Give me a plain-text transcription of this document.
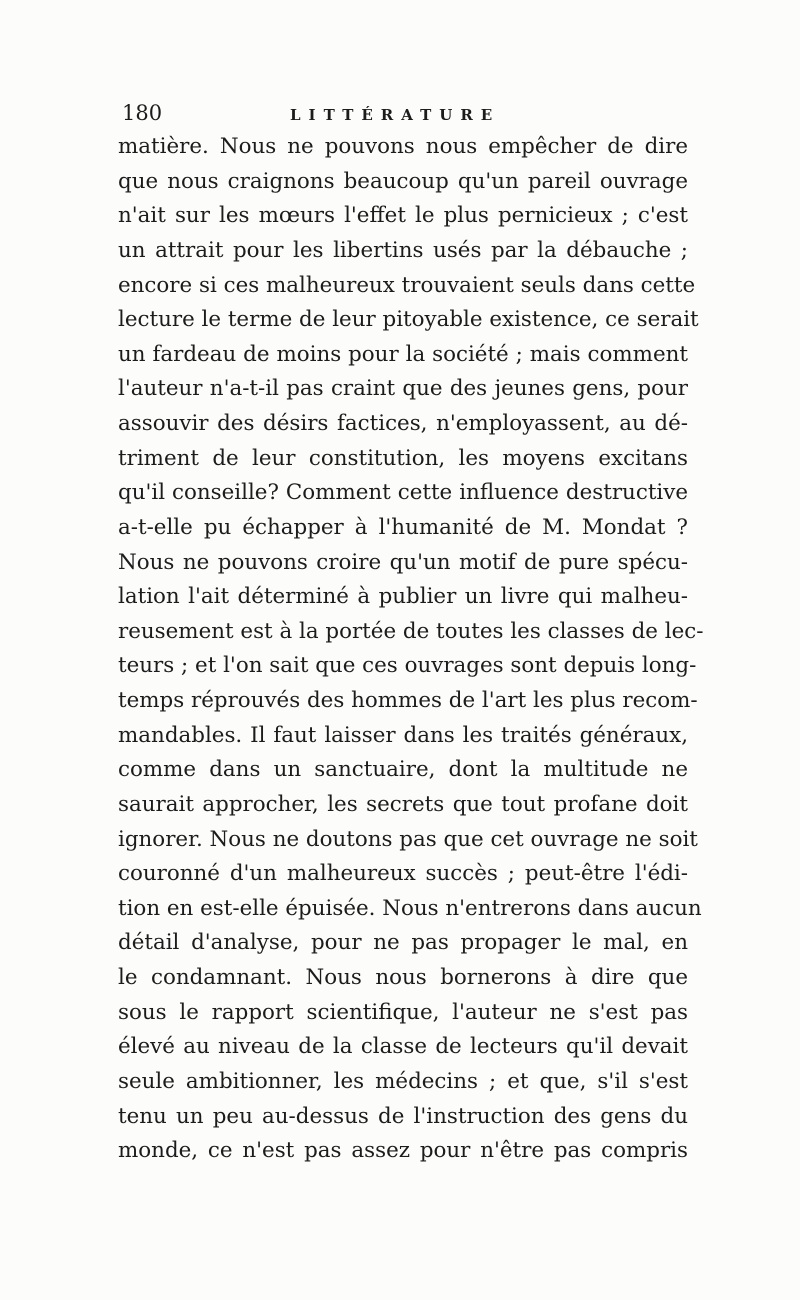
180	LITTÉRATURE
matière. Nous ne pouvons nous empêcher de dire
que nous craignons beaucoup qu'un pareil ouvrage
n'ait sur les mœurs l'effet le plus pernicieux ; c'est
un attrait pour les libertins usés par la débauche ;
encore si ces malheureux trouvaient seuls dans cette
lecture le terme de leur pitoyable existence, ce serait
un fardeau de moins pour la société ; mais comment
l'auteur n'a-t-il pas craint que des jeunes gens, pour
assouvir des désirs factices, n'employassent, au dé-
triment de leur constitution, les moyens excitans
qu'il conseille? Comment cette influence destructive
a-t-elle pu échapper à l'humanité de M. Mondat ?
Nous ne pouvons croire qu'un motif de pure spécu-
lation l'ait déterminé à publier un livre qui malheu-
reusement est à la portée de toutes les classes de lec-
teurs ; et l'on sait que ces ouvrages sont depuis long-
temps réprouvés des hommes de l'art les plus recom-
mandables. Il faut laisser dans les traités généraux,
comme dans un sanctuaire, dont la multitude ne
saurait approcher, les secrets que tout profane doit
ignorer. Nous ne doutons pas que cet ouvrage ne soit
couronné d'un malheureux succès ; peut-être l'édi-
tion en est-elle épuisée. Nous n'entrerons dans aucun
détail d'analyse, pour ne pas propager le mal, en
le condamnant. Nous nous bornerons à dire que
sous le rapport scientifique, l'auteur ne s'est pas
élevé au niveau de la classe de lecteurs qu'il devait
seule ambitionner, les médecins ; et que, s'il s'est
tenu un peu au-dessus de l'instruction des gens du
monde, ce n'est pas assez pour n'être pas compris
